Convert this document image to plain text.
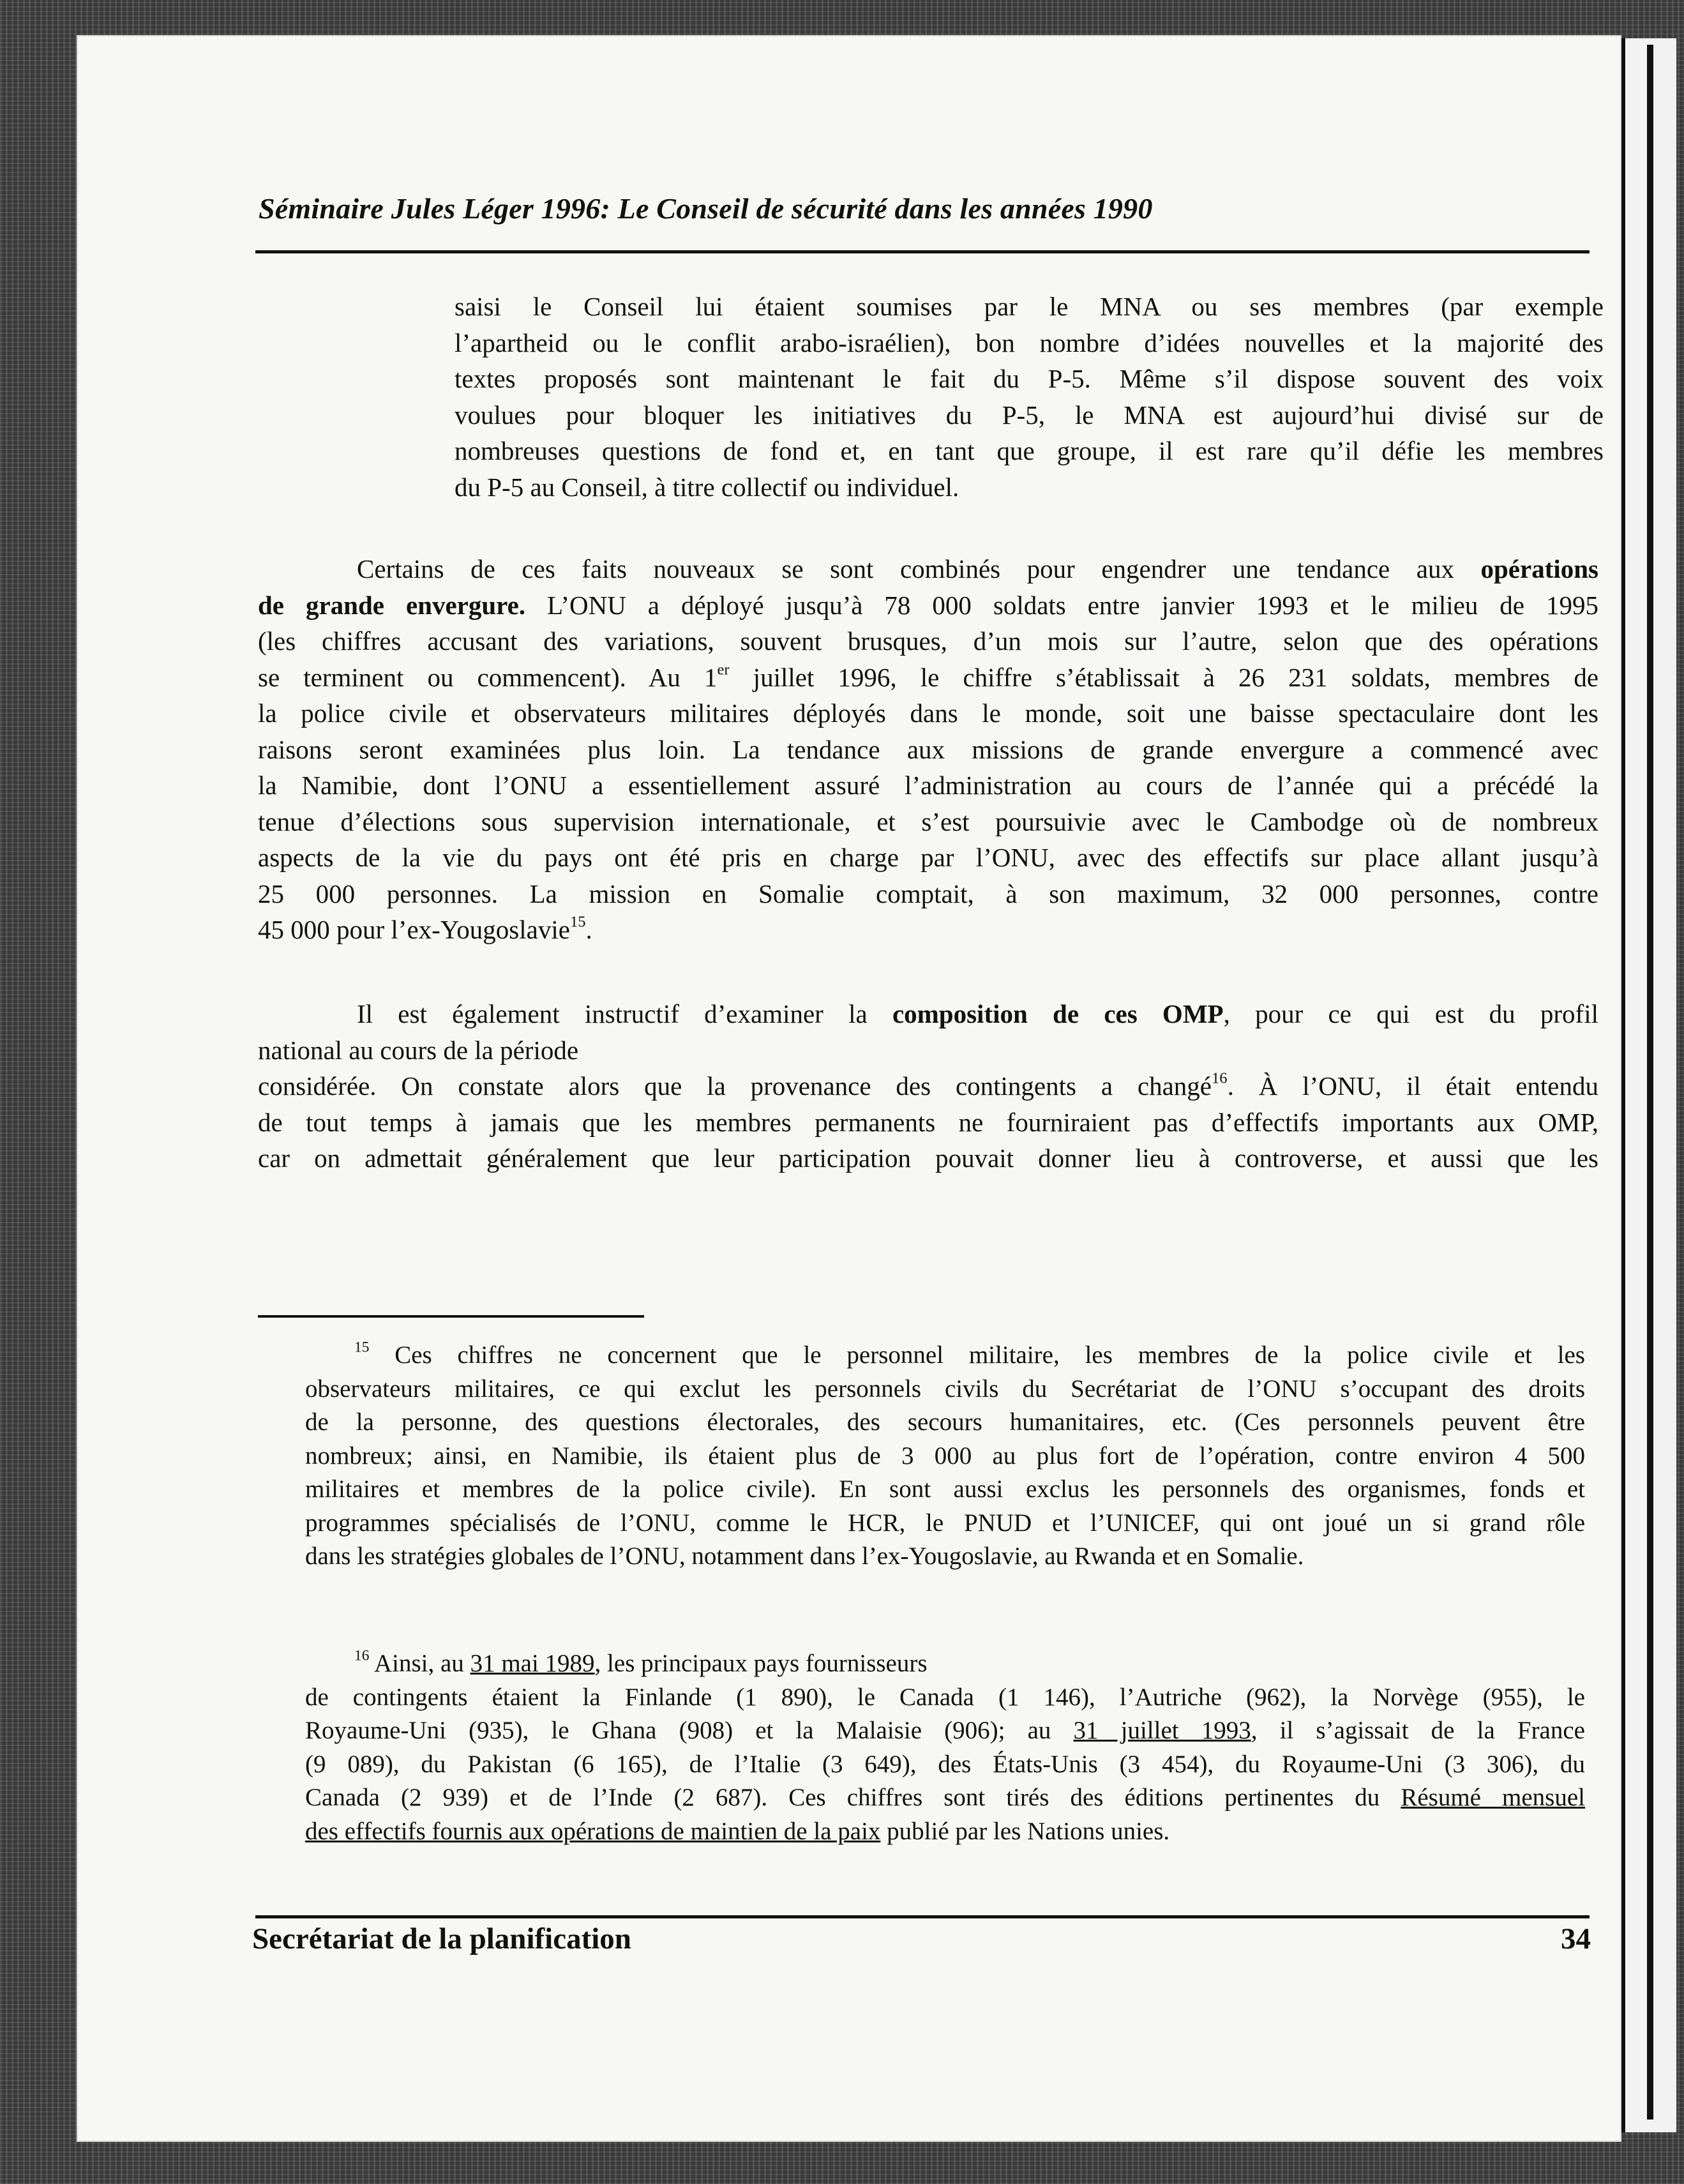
Séminaire Jules Léger 1996: Le Conseil de sécurité dans les années 1990
saisi le Conseil lui étaient soumises par le MNA ou ses membres (par exemple
l’apartheid ou le conflit arabo-israélien), bon nombre d’idées nouvelles et la majorité des
textes proposés sont maintenant le fait du P-5. Même s’il dispose souvent des voix
voulues pour bloquer les initiatives du P-5, le MNA est aujourd’hui divisé sur de
nombreuses questions de fond et, en tant que groupe, il est rare qu’il défie les membres
du P-5 au Conseil, à titre collectif ou individuel.
Certains de ces faits nouveaux se sont combinés pour engendrer une tendance aux opérations
de grande envergure. L’ONU a déployé jusqu’à 78 000 soldats entre janvier 1993 et le milieu de 1995
(les chiffres accusant des variations, souvent brusques, d’un mois sur l’autre, selon que des opérations
se terminent ou commencent). Au 1er juillet 1996, le chiffre s’établissait à 26 231 soldats, membres de
la police civile et observateurs militaires déployés dans le monde, soit une baisse spectaculaire dont les
raisons seront examinées plus loin. La tendance aux missions de grande envergure a commencé avec
la Namibie, dont l’ONU a essentiellement assuré l’administration au cours de l’année qui a précédé la
tenue d’élections sous supervision internationale, et s’est poursuivie avec le Cambodge où de nombreux
aspects de la vie du pays ont été pris en charge par l’ONU, avec des effectifs sur place allant jusqu’à
25 000 personnes. La mission en Somalie comptait, à son maximum, 32 000 personnes, contre
45 000 pour l’ex-Yougoslavie$^{15}$.
Il est également instructif d’examiner la composition de ces OMP, pour ce qui est du profil
national au cours de la période
considérée. On constate alors que la provenance des contingents a changé$^{16}$. À l’ONU, il était entendu
de tout temps à jamais que les membres permanents ne fourniraient pas d’effectifs importants aux OMP,
car on admettait généralement que leur participation pouvait donner lieu à controverse, et aussi que les
$^{15}$ Ces chiffres ne concernent que le personnel militaire, les membres de la police civile et les
observateurs militaires, ce qui exclut les personnels civils du Secrétariat de l’ONU s’occupant des droits
de la personne, des questions électorales, des secours humanitaires, etc. (Ces personnels peuvent être
nombreux; ainsi, en Namibie, ils étaient plus de 3 000 au plus fort de l’opération, contre environ 4 500
militaires et membres de la police civile). En sont aussi exclus les personnels des organismes, fonds et
programmes spécialisés de l’ONU, comme le HCR, le PNUD et l’UNICEF, qui ont joué un si grand rôle
dans les stratégies globales de l’ONU, notamment dans l’ex-Yougoslavie, au Rwanda et en Somalie.
$^{16}$ Ainsi, au 31 mai 1989, les principaux pays fournisseurs
de contingents étaient la Finlande (1 890), le Canada (1 146), l’Autriche (962), la Norvège (955), le
Royaume-Uni (935), le Ghana (908) et la Malaisie (906); au 31 juillet 1993, il s’agissait de la France
(9 089), du Pakistan (6 165), de l’Italie (3 649), des États-Unis (3 454), du Royaume-Uni (3 306), du
Canada (2 939) et de l’Inde (2 687). Ces chiffres sont tirés des éditions pertinentes du Résumé mensuel
des effectifs fournis aux opérations de maintien de la paix publié par les Nations unies.
Secrétariat de la planification	34
